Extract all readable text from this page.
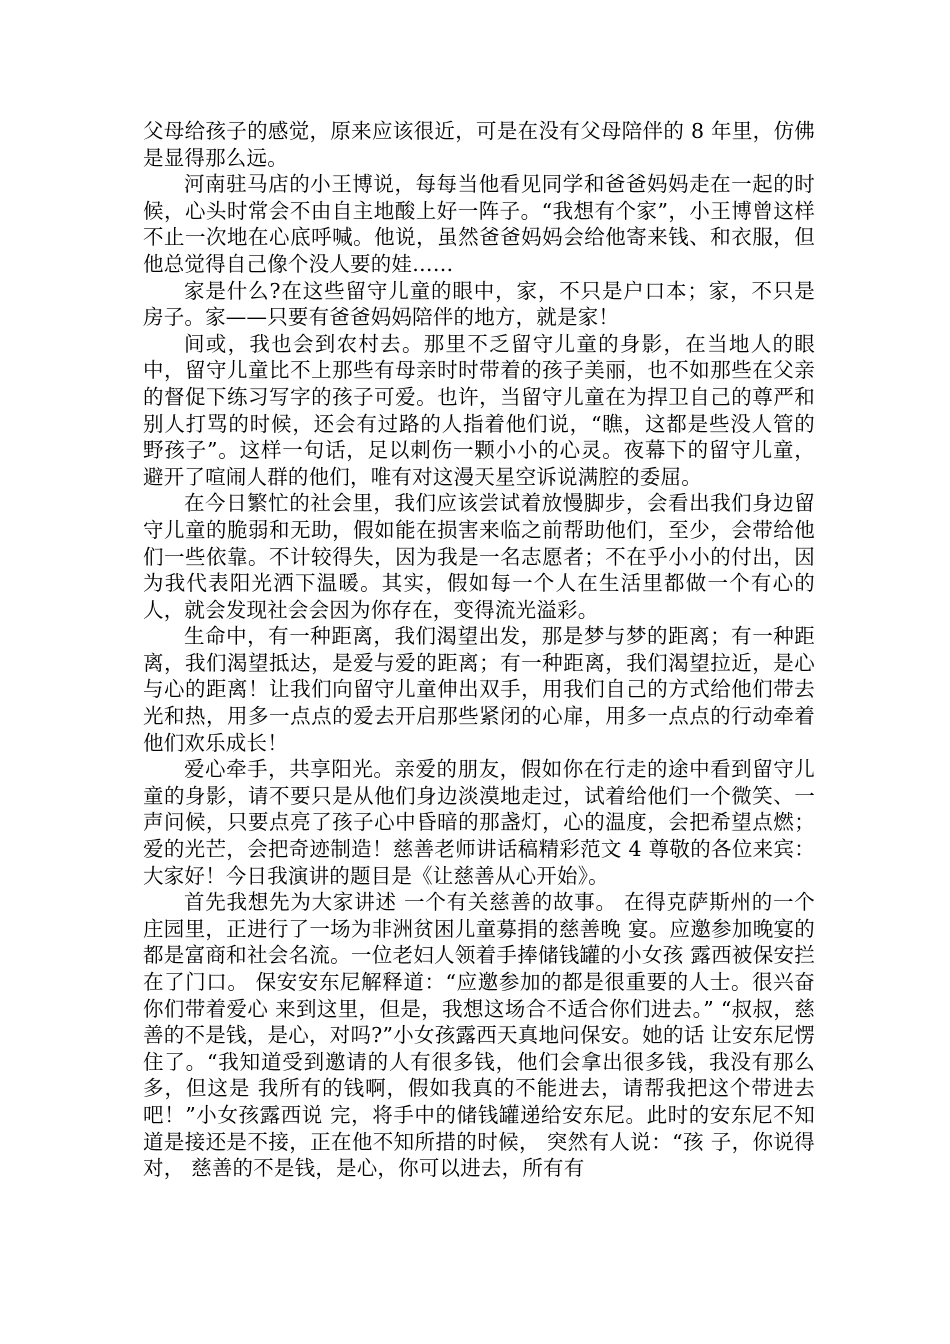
父母给孩子的感觉，原来应该很近，可是在没有父母陪伴的 8 年里，仿佛是显得那么远。

河南驻马店的小王博说，每每当他看见同学和爸爸妈妈走在一起的时候，心头时常会不由自主地酸上好一阵子。“我想有个家”，小王博曾这样不止一次地在心底呼喊。他说，虽然爸爸妈妈会给他寄来钱、和衣服，但他总觉得自己像个没人要的娃……

家是什么?在这些留守儿童的眼中，家，不只是户口本；家，不只是房子。家——只要有爸爸妈妈陪伴的地方，就是家！

间或，我也会到农村去。那里不乏留守儿童的身影，在当地人的眼中，留守儿童比不上那些有母亲时时带着的孩子美丽，也不如那些在父亲的督促下练习写字的孩子可爱。也许，当留守儿童在为捍卫自己的尊严和别人打骂的时候，还会有过路的人指着他们说，“瞧，这都是些没人管的野孩子”。这样一句话，足以刺伤一颗小小的心灵。夜幕下的留守儿童，避开了喧闹人群的他们，唯有对这漫天星空诉说满腔的委屈。

在今日繁忙的社会里，我们应该尝试着放慢脚步，会看出我们身边留守儿童的脆弱和无助，假如能在损害来临之前帮助他们，至少，会带给他们一些依靠。不计较得失，因为我是一名志愿者；不在乎小小的付出，因为我代表阳光洒下温暖。其实，假如每一个人在生活里都做一个有心的人，就会发现社会会因为你存在，变得流光溢彩。

生命中，有一种距离，我们渴望出发，那是梦与梦的距离；有一种距离，我们渴望抵达，是爱与爱的距离；有一种距离，我们渴望拉近，是心与心的距离！让我们向留守儿童伸出双手，用我们自己的方式给他们带去光和热，用多一点点的爱去开启那些紧闭的心扉，用多一点点的行动牵着他们欢乐成长！

爱心牵手，共享阳光。亲爱的朋友，假如你在行走的途中看到留守儿童的身影，请不要只是从他们身边淡漠地走过，试着给他们一个微笑、一声问候，只要点亮了孩子心中昏暗的那盏灯，心的温度，会把希望点燃；爱的光芒，会把奇迹制造！慈善老师讲话稿精彩范文 4 尊敬的各位来宾： 大家好！今日我演讲的题目是《让慈善从心开始》。

首先我想先为大家讲述 一个有关慈善的故事。 在得克萨斯州的一个庄园里，正进行了一场为非洲贫困儿童募捐的慈善晚 宴。应邀参加晚宴的都是富商和社会名流。一位老妇人领着手捧储钱罐的小女孩 露西被保安拦在了门口。 保安安东尼解释道：“应邀参加的都是很重要的人士。很兴奋你们带着爱心 来到这里，但是，我想这场合不适合你们进去。” “叔叔，慈善的不是钱，是心，对吗?”小女孩露西天真地问保安。她的话 让安东尼愣住了。“我知道受到邀请的人有很多钱，他们会拿出很多钱，我没有那么多，但这是 我所有的钱啊，假如我真的不能进去，请帮我把这个带进去吧！”小女孩露西说 完，将手中的储钱罐递给安东尼。此时的安东尼不知道是接还是不接，正在他不知所措的时候， 突然有人说：“孩 子，你说得对， 慈善的不是钱，是心，你可以进去，所有有
